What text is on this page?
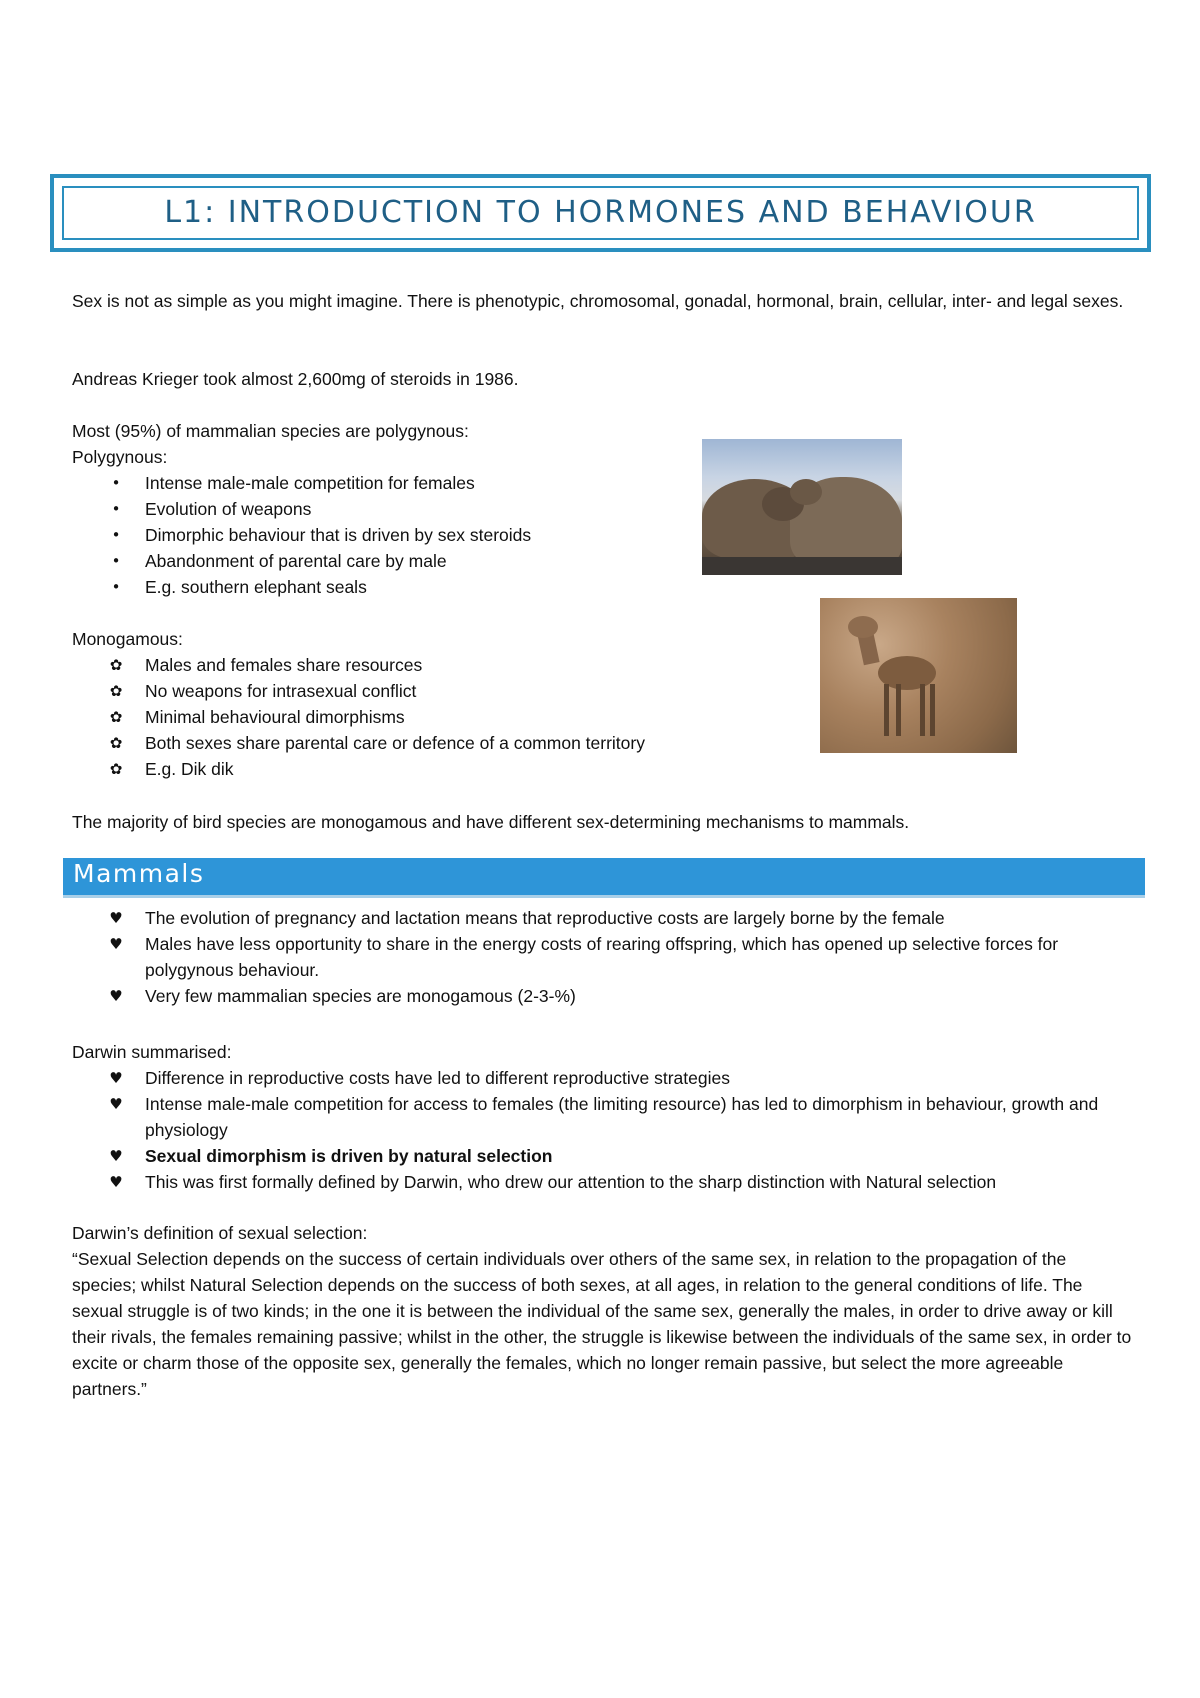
L1: INTRODUCTION TO HORMONES AND BEHAVIOUR

Sex is not as simple as you might imagine. There is phenotypic, chromosomal, gonadal, hormonal, brain, cellular, inter- and legal sexes.

Andreas Krieger took almost 2,600mg of steroids in 1986.

Most (95%) of mammalian species are polygynous:

Polygynous:

• Intense male-male competition for females
• Evolution of weapons
• Dimorphic behaviour that is driven by sex steroids
• Abandonment of parental care by male
• E.g. southern elephant seals

Monogamous:

✿ Males and females share resources
✿ No weapons for intrasexual conflict
✿ Minimal behavioural dimorphisms
✿ Both sexes share parental care or defence of a common territory
✿ E.g. Dik dik

The majority of bird species are monogamous and have different sex-determining mechanisms to mammals.

Mammals
♥ The evolution of pregnancy and lactation means that reproductive costs are largely borne by the female
♥ Males have less opportunity to share in the energy costs of rearing offspring, which has opened up selective forces for polygynous behaviour.
♥ Very few mammalian species are monogamous (2-3-%)

Darwin summarised:

♥ Difference in reproductive costs have led to different reproductive strategies
♥ Intense male-male competition for access to females (the limiting resource) has led to dimorphism in behaviour, growth and physiology
♥ Sexual dimorphism is driven by natural selection
♥ This was first formally defined by Darwin, who drew our attention to the sharp distinction with Natural selection

Darwin’s definition of sexual selection:

“Sexual Selection depends on the success of certain individuals over others of the same sex, in relation to the propagation of the species; whilst Natural Selection depends on the success of both sexes, at all ages, in relation to the general conditions of life. The sexual struggle is of two kinds; in the one it is between the individual of the same sex, generally the males, in order to drive away or kill their rivals, the females remaining passive; whilst in the other, the struggle is likewise between the individuals of the same sex, in order to excite or charm those of the opposite sex, generally the females, which no longer remain passive, but select the more agreeable partners.”
